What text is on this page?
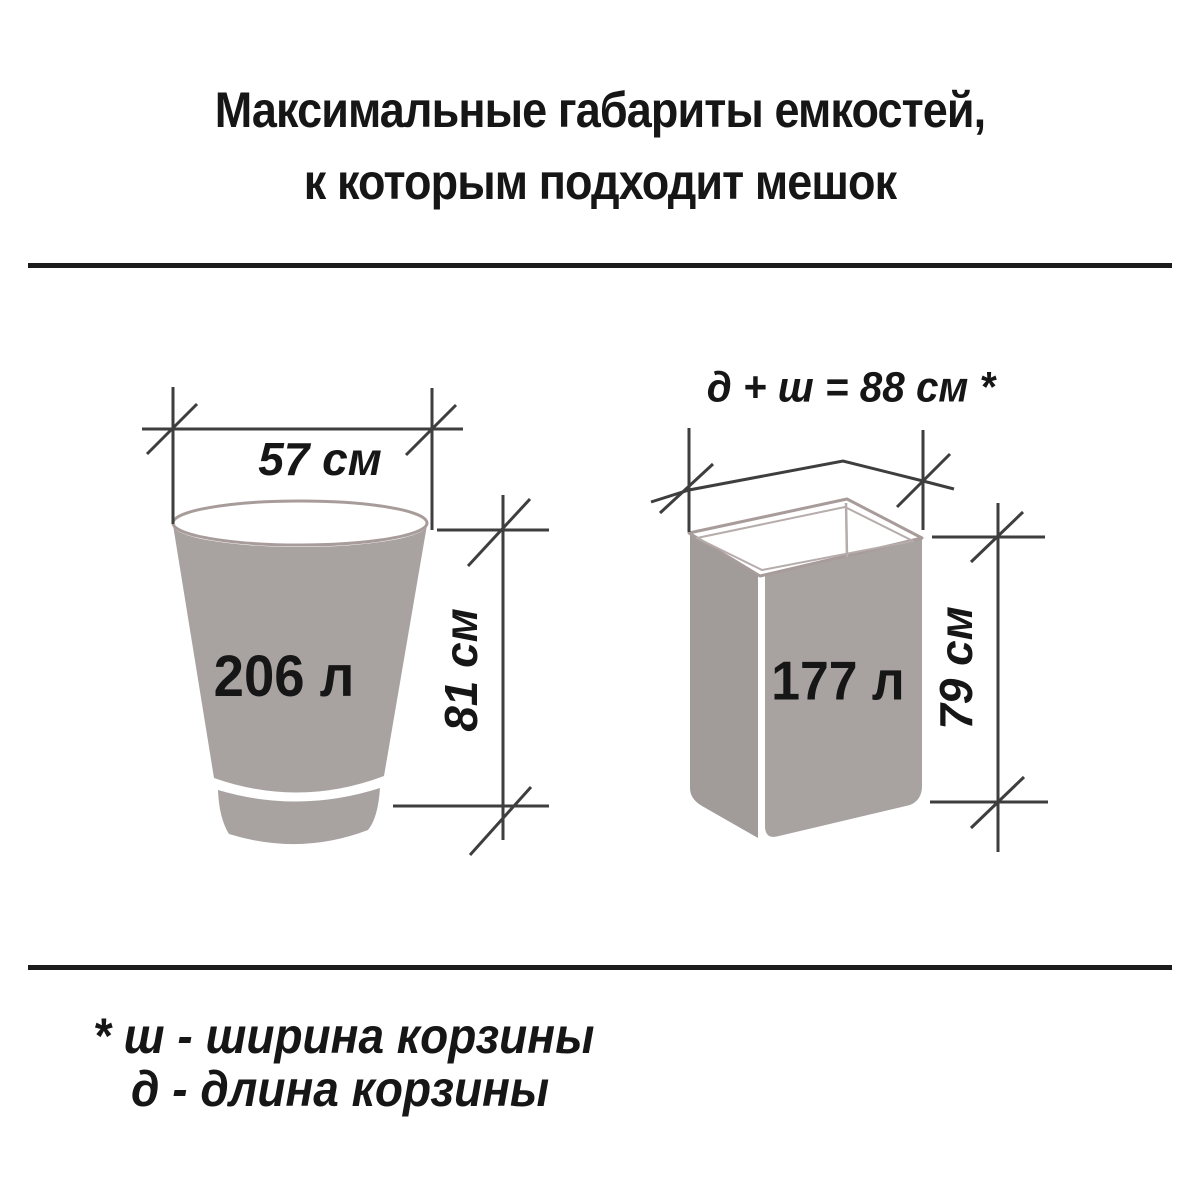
Максимальные габариты емкостей,
к которым подходит мешок
57 см
81 см
206 л
д + ш = 88 см *
177 л 79 см
* ш - ширина корзины
д - длина корзины
